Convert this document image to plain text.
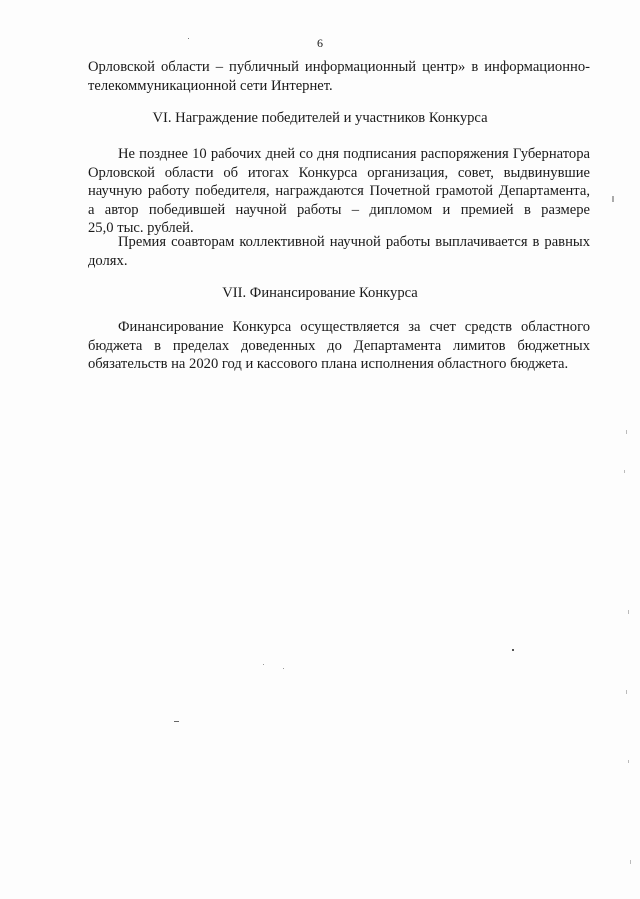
6
Орловской области – публичный информационный центр» в информационно-
телекоммуникационной сети Интернет.
VI. Награждение победителей и участников Конкурса
Не позднее 10 рабочих дней со дня подписания распоряжения Губернатора
Орловской области об итогах Конкурса организация, совет, выдвинувшие
научную работу победителя, награждаются Почетной грамотой Департамента,
а автор победившей научной работы – дипломом и премией в размере
25,0 тыс. рублей.
Премия соавторам коллективной научной работы выплачивается в равных
долях.
VII. Финансирование Конкурса
Финансирование Конкурса осуществляется за счет средств областного
бюджета в пределах доведенных до Департамента лимитов бюджетных
обязательств на 2020 год и кассового плана исполнения областного бюджета.
